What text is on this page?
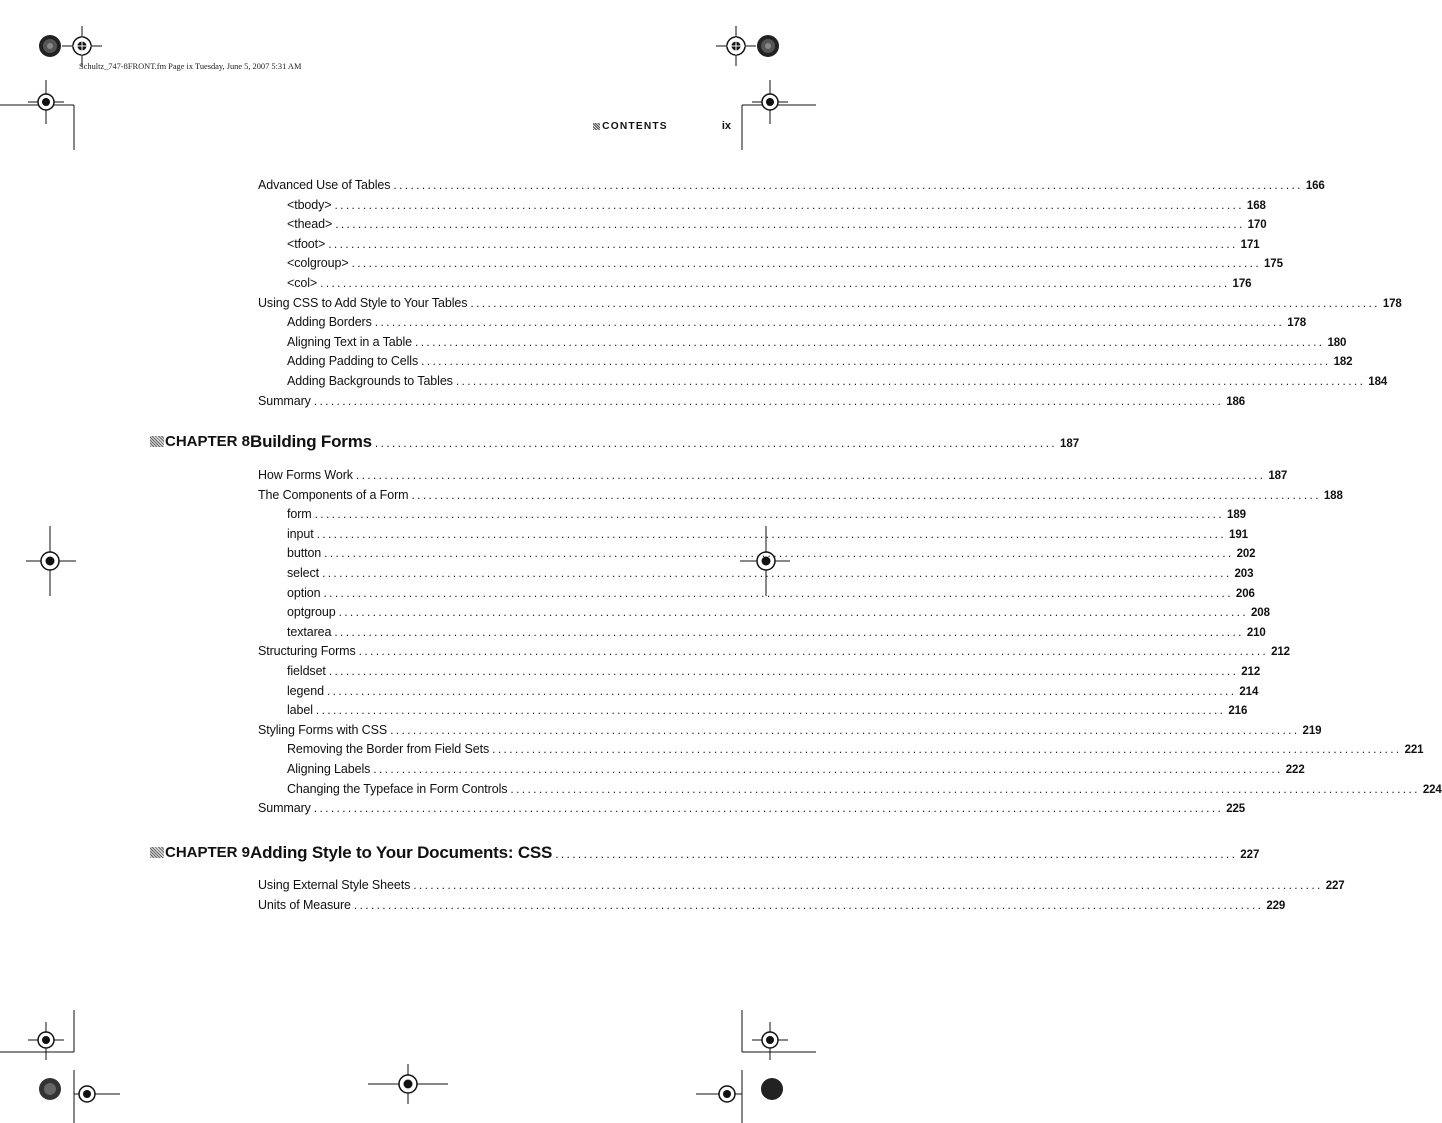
Schultz_747-8FRONT.fm Page ix Tuesday, June 5, 2007 5:31 AM
CONTENTS	ix
Advanced Use of Tables ................................................................................................................................................................ 166
<tbody> ................................................................................................................................................................ 168
<thead> ................................................................................................................................................................ 170
<tfoot> ................................................................................................................................................................ 171
<colgroup> ................................................................................................................................................................ 175
<col> ................................................................................................................................................................ 176
Using CSS to Add Style to Your Tables ................................................................................................................................................................ 178
Adding Borders ................................................................................................................................................................ 178
Aligning Text in a Table ................................................................................................................................................................ 180
Adding Padding to Cells ................................................................................................................................................................ 182
Adding Backgrounds to Tables ................................................................................................................................................................ 184
Summary ................................................................................................................................................................ 186
CHAPTER 8 Building Forms ........................................................................................................................ 187
How Forms Work ................................................................................................................................................................ 187
The Components of a Form ................................................................................................................................................................ 188
form ................................................................................................................................................................ 189
input ................................................................................................................................................................ 191
button ................................................................................................................................................................ 202
select ................................................................................................................................................................ 203
option ................................................................................................................................................................ 206
optgroup ................................................................................................................................................................ 208
textarea ................................................................................................................................................................ 210
Structuring Forms ................................................................................................................................................................ 212
fieldset ................................................................................................................................................................ 212
legend ................................................................................................................................................................ 214
label ................................................................................................................................................................ 216
Styling Forms with CSS ................................................................................................................................................................ 219
Removing the Border from Field Sets ................................................................................................................................................................ 221
Aligning Labels ................................................................................................................................................................ 222
Changing the Typeface in Form Controls ................................................................................................................................................................ 224
Summary ................................................................................................................................................................ 225
CHAPTER 9 Adding Style to Your Documents: CSS ........................................................................................................................ 227
Using External Style Sheets ................................................................................................................................................................ 227
Units of Measure ................................................................................................................................................................ 229
